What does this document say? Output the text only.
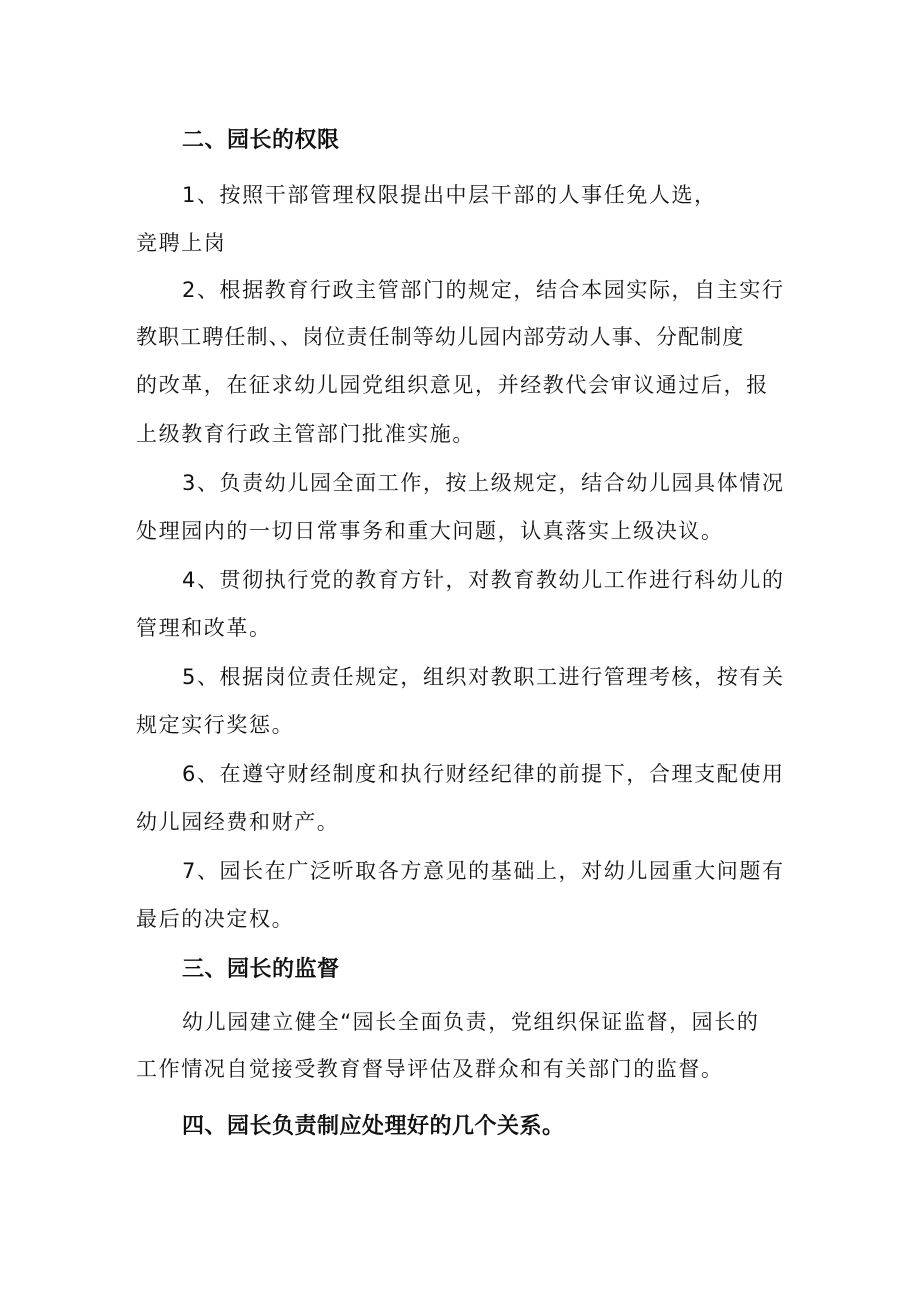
二、园长的权限
1、按照干部管理权限提出中层干部的人事任免人选，
竞聘上岗
2、根据教育行政主管部门的规定，结合本园实际，自主实行
教职工聘任制、、岗位责任制等幼儿园内部劳动人事、分配制度
的改革，在征求幼儿园党组织意见，并经教代会审议通过后，报
上级教育行政主管部门批准实施。
3、负责幼儿园全面工作，按上级规定，结合幼儿园具体情况
处理园内的一切日常事务和重大问题，认真落实上级决议。
4、贯彻执行党的教育方针，对教育教幼儿工作进行科幼儿的
管理和改革。
5、根据岗位责任规定，组织对教职工进行管理考核，按有关
规定实行奖惩。
6、在遵守财经制度和执行财经纪律的前提下，合理支配使用
幼儿园经费和财产。
7、园长在广泛听取各方意见的基础上，对幼儿园重大问题有
最后的决定权。
三、园长的监督
幼儿园建立健全“园长全面负责，党组织保证监督，园长的
工作情况自觉接受教育督导评估及群众和有关部门的监督。
四、园长负责制应处理好的几个关系。
